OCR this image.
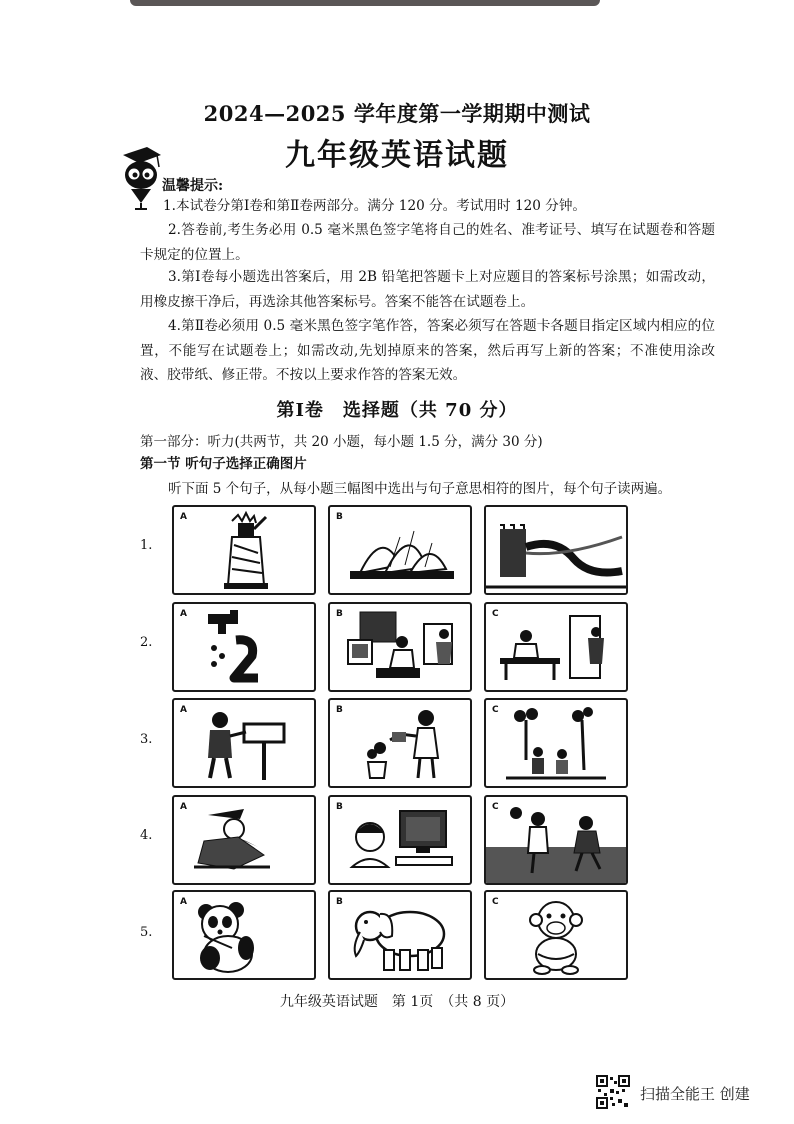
2024—2025 学年度第一学期期中测试
九年级英语试题
温馨提示:
1.本试卷分第Ⅰ卷和第Ⅱ卷两部分。满分 120 分。考试用时 120 分钟。
2.答卷前,考生务必用 0.5 毫米黑色签字笔将自己的姓名、准考证号、填写在试题卷和答题卡规定的位置上。
3.第Ⅰ卷每小题选出答案后，用 2B 铅笔把答题卡上对应题目的答案标号涂黑；如需改动，用橡皮擦干净后，再选涂其他答案标号。答案不能答在试题卷上。
4.第Ⅱ卷必须用 0.5 毫米黑色签字笔作答，答案必须写在答题卡各题目指定区域内相应的位置，不能写在试题卷上；如需改动,先划掉原来的答案，然后再写上新的答案；不准使用涂改液、胶带纸、修正带。不按以上要求作答的答案无效。
第Ⅰ卷　选择题（共 70 分）
第一部分：听力(共两节，共 20 小题，每小题 1.5 分，满分 30 分)
第一节 听句子选择正确图片
听下面 5 个句子，从每小题三幅图中选出与句子意思相符的图片，每个句子读两遍。
1.
A	B
2.
A	B	C
3.
A	B	C
4.
A	B	C
5.
A	B	C
九年级英语试题　第 1页　（共 8 页）
扫描全能王 创建
